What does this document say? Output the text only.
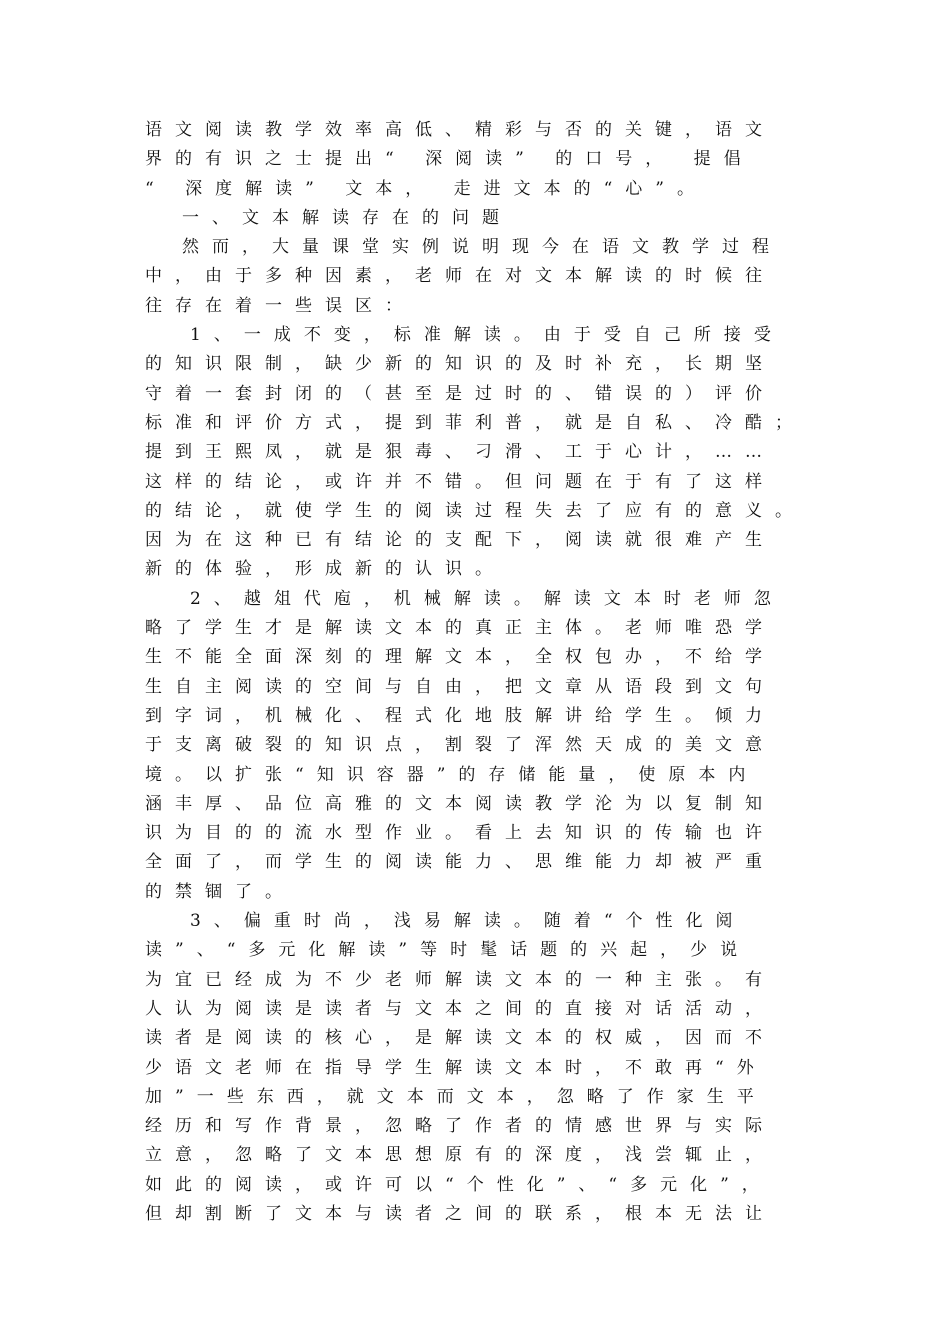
语文阅读教学效率高低、精彩与否的关键，语文
界的有识之士提出“ 深阅读” 的口号， 提倡
“ 深度解读” 文本， 走进文本的“心”。
一、文本解读存在的问题
然而，大量课堂实例说明现今在语文教学过程
中，由于多种因素，老师在对文本解读的时候往
往存在着一些误区：
1、一成不变，标准解读。由于受自己所接受
的知识限制，缺少新的知识的及时补充，长期坚
守着一套封闭的（甚至是过时的、错误的）评价
标准和评价方式，提到菲利普，就是自私、冷酷；
提到王熙凤，就是狠毒、刁滑、工于心计，……
这样的结论，或许并不错。但问题在于有了这样
的结论，就使学生的阅读过程失去了应有的意义。
因为在这种已有结论的支配下，阅读就很难产生
新的体验，形成新的认识。
2、越俎代庖，机械解读。解读文本时老师忽
略了学生才是解读文本的真正主体。老师唯恐学
生不能全面深刻的理解文本，全权包办，不给学
生自主阅读的空间与自由，把文章从语段到文句
到字词，机械化、程式化地肢解讲给学生。倾力
于支离破裂的知识点，割裂了浑然天成的美文意
境。以扩张“知识容器”的存储能量，使原本内
涵丰厚、品位高雅的文本阅读教学沦为以复制知
识为目的的流水型作业。看上去知识的传输也许
全面了，而学生的阅读能力、思维能力却被严重
的禁锢了。
3、偏重时尚，浅易解读。随着“个性化阅
读”、“多元化解读”等时髦话题的兴起，少说
为宜已经成为不少老师解读文本的一种主张。有
人认为阅读是读者与文本之间的直接对话活动，
读者是阅读的核心，是解读文本的权威，因而不
少语文老师在指导学生解读文本时，不敢再“外
加”一些东西，就文本而文本，忽略了作家生平
经历和写作背景，忽略了作者的情感世界与实际
立意，忽略了文本思想原有的深度，浅尝辄止，
如此的阅读，或许可以“个性化”、“多元化”，
但却割断了文本与读者之间的联系，根本无法让
